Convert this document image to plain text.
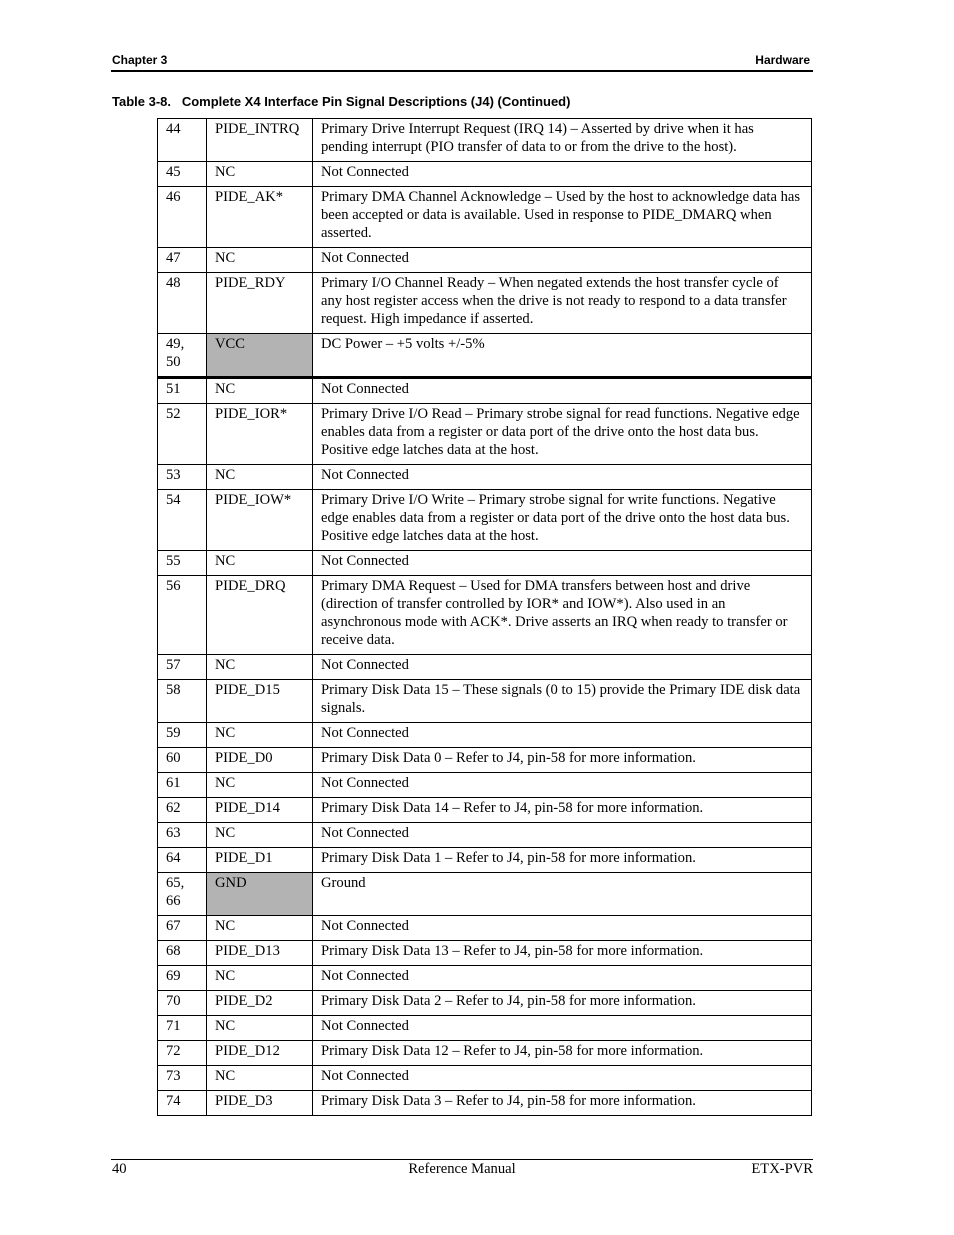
Chapter 3	Hardware
Table 3-8.   Complete X4 Interface Pin Signal Descriptions (J4) (Continued)
44	PIDE_INTRQ	Primary Drive Interrupt Request (IRQ 14) – Asserted by drive when it has pending interrupt (PIO transfer of data to or from the drive to the host).
45	NC	Not Connected
46	PIDE_AK*	Primary DMA Channel Acknowledge – Used by the host to acknowledge data has been accepted or data is available. Used in response to PIDE_DMARQ when asserted.
47	NC	Not Connected
48	PIDE_RDY	Primary I/O Channel Ready – When negated extends the host transfer cycle of any host register access when the drive is not ready to respond to a data transfer request. High impedance if asserted.
49, 50	VCC	DC Power – +5 volts +/-5%
51	NC	Not Connected
52	PIDE_IOR*	Primary Drive I/O Read – Primary strobe signal for read functions. Negative edge enables data from a register or data port of the drive onto the host data bus. Positive edge latches data at the host.
53	NC	Not Connected
54	PIDE_IOW*	Primary Drive I/O Write – Primary strobe signal for write functions. Negative edge enables data from a register or data port of the drive onto the host data bus. Positive edge latches data at the host.
55	NC	Not Connected
56	PIDE_DRQ	Primary DMA Request – Used for DMA transfers between host and drive (direction of transfer controlled by IOR* and IOW*). Also used in an asynchronous mode with ACK*. Drive asserts an IRQ when ready to transfer or receive data.
57	NC	Not Connected
58	PIDE_D15	Primary Disk Data 15 – These signals (0 to 15) provide the Primary IDE disk data signals.
59	NC	Not Connected
60	PIDE_D0	Primary Disk Data 0 – Refer to J4, pin-58 for more information.
61	NC	Not Connected
62	PIDE_D14	Primary Disk Data 14 – Refer to J4, pin-58 for more information.
63	NC	Not Connected
64	PIDE_D1	Primary Disk Data 1 – Refer to J4, pin-58 for more information.
65, 66	GND	Ground
67	NC	Not Connected
68	PIDE_D13	Primary Disk Data 13 – Refer to J4, pin-58 for more information.
69	NC	Not Connected
70	PIDE_D2	Primary Disk Data 2 – Refer to J4, pin-58 for more information.
71	NC	Not Connected
72	PIDE_D12	Primary Disk Data 12 – Refer to J4, pin-58 for more information.
73	NC	Not Connected
74	PIDE_D3	Primary Disk Data 3 – Refer to J4, pin-58 for more information.
40	Reference Manual	ETX-PVR
